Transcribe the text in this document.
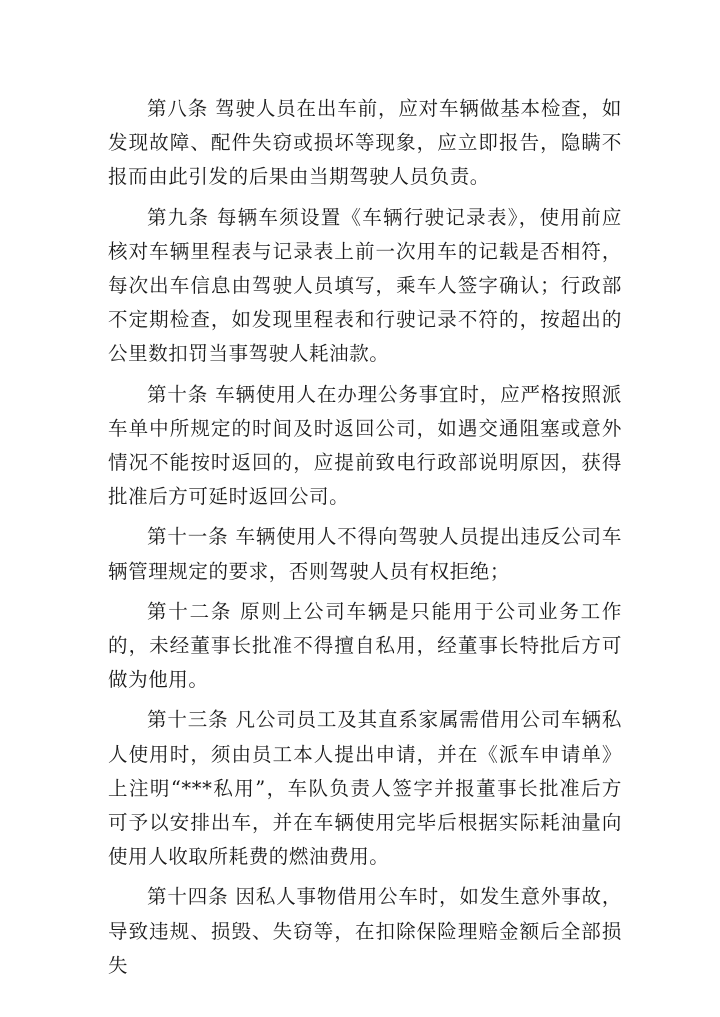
第八条 驾驶人员在出车前，应对车辆做基本检查，如发现故障、配件失窃或损坏等现象，应立即报告，隐瞒不报而由此引发的后果由当期驾驶人员负责。

第九条 每辆车须设置《车辆行驶记录表》，使用前应核对车辆里程表与记录表上前一次用车的记载是否相符，每次出车信息由驾驶人员填写，乘车人签字确认；行政部不定期检查，如发现里程表和行驶记录不符的，按超出的公里数扣罚当事驾驶人耗油款。

第十条 车辆使用人在办理公务事宜时，应严格按照派车单中所规定的时间及时返回公司，如遇交通阻塞或意外情况不能按时返回的，应提前致电行政部说明原因，获得批准后方可延时返回公司。

第十一条 车辆使用人不得向驾驶人员提出违反公司车辆管理规定的要求，否则驾驶人员有权拒绝；

第十二条 原则上公司车辆是只能用于公司业务工作的，未经董事长批准不得擅自私用，经董事长特批后方可做为他用。

第十三条 凡公司员工及其直系家属需借用公司车辆私人使用时，须由员工本人提出申请，并在《派车申请单》上注明“***私用”，车队负责人签字并报董事长批准后方可予以安排出车，并在车辆使用完毕后根据实际耗油量向使用人收取所耗费的燃油费用。

第十四条 因私人事物借用公车时，如发生意外事故，导致违规、损毁、失窃等，在扣除保险理赔金额后全部损失
